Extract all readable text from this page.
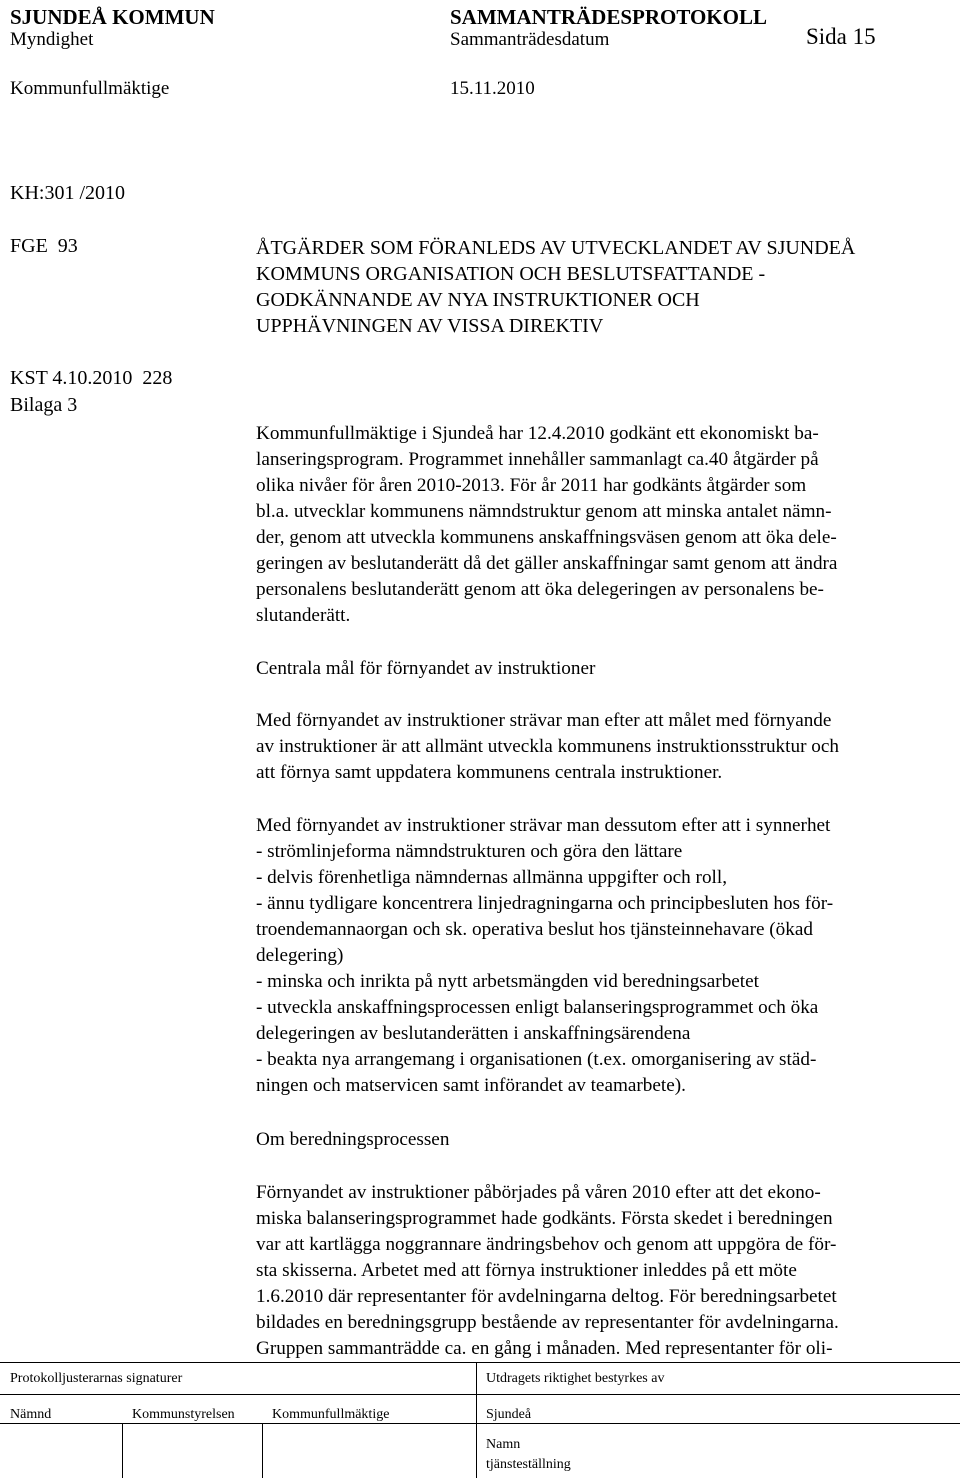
SJUNDEÅ KOMMUN	SAMMANTRÄDESPROTOKOLL
Myndighet	Sammanträdesdatum	Sida 15
Kommunfullmäktige	15.11.2010
KH:301 /2010
FGE  93
KST 4.10.2010  228
Bilaga 3
ÅTGÄRDER SOM FÖRANLEDS AV UTVECKLANDET AV SJUNDEÅ
KOMMUNS ORGANISATION OCH BESLUTSFATTANDE -
GODKÄNNANDE AV NYA INSTRUKTIONER OCH
UPPHÄVNINGEN AV VISSA DIREKTIV
Kommunfullmäktige i Sjundeå har 12.4.2010 godkänt ett ekonomiskt ba-
lanseringsprogram. Programmet innehåller sammanlagt ca.40 åtgärder på
olika nivåer för åren 2010-2013. För år 2011 har godkänts åtgärder som
bl.a. utvecklar kommunens nämndstruktur genom att minska antalet nämn-
der, genom att utveckla kommunens anskaffningsväsen genom att öka dele-
geringen av beslutanderätt då det gäller anskaffningar samt genom att ändra
personalens beslutanderätt genom att öka delegeringen av personalens be-
slutanderätt.
Centrala mål för förnyandet av instruktioner
Med förnyandet av instruktioner strävar man efter att målet med förnyande
av instruktioner är att allmänt utveckla kommunens instruktionsstruktur och
att förnya samt uppdatera kommunens centrala instruktioner.
Med förnyandet av instruktioner strävar man dessutom efter att i synnerhet
- strömlinjeforma nämndstrukturen och göra den lättare
- delvis förenhetliga nämndernas allmänna uppgifter och roll,
- ännu tydligare koncentrera linjedragningarna och principbesluten hos för-
troendemannaorgan och sk. operativa beslut hos tjänsteinnehavare (ökad
delegering)
- minska och inrikta på nytt arbetsmängden vid beredningsarbetet
- utveckla anskaffningsprocessen enligt balanseringsprogrammet och öka
delegeringen av beslutanderätten i anskaffningsärendena
- beakta nya arrangemang i organisationen (t.ex. omorganisering av städ-
ningen och matservicen samt införandet av teamarbete).
Om beredningsprocessen
Förnyandet av instruktioner påbörjades på våren 2010 efter att det ekono-
miska balanseringsprogrammet hade godkänts. Första skedet i beredningen
var att kartlägga noggrannare ändringsbehov och genom att uppgöra de för-
sta skisserna. Arbetet med att förnya instruktioner inleddes på ett möte
1.6.2010 där representanter för avdelningarna deltog. För beredningsarbetet
bildades en beredningsgrupp bestående av representanter för avdelningarna.
Gruppen sammanträdde ca. en gång i månaden. Med representanter för oli-
Protokolljusterarnas signaturer	Utdragets riktighet bestyrkes av
Nämnd	Kommunstyrelsen	Kommunfullmäktige	Sjundeå
Namn
tjänsteställning
